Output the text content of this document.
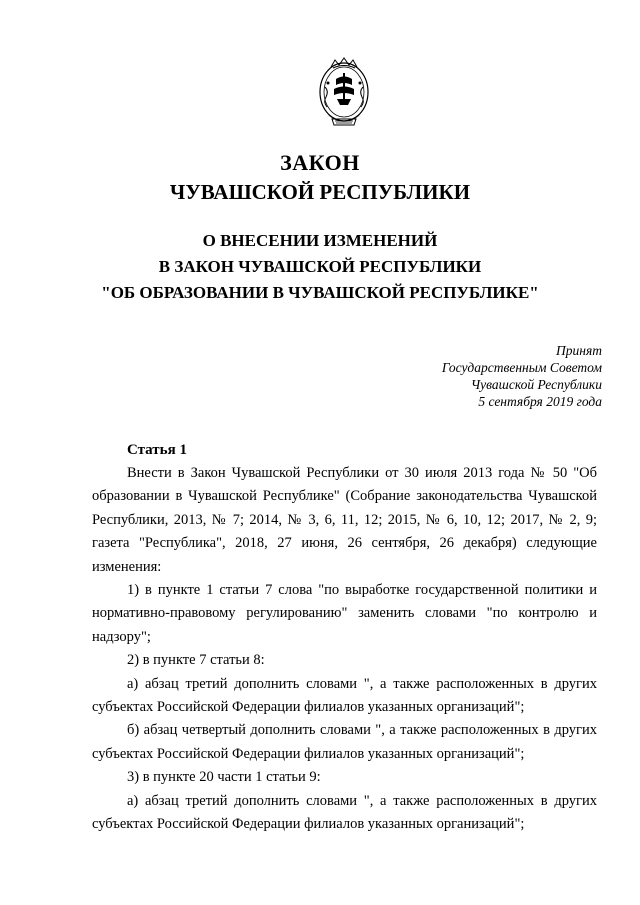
ЗАКОН
ЧУВАШСКОЙ РЕСПУБЛИКИ
О ВНЕСЕНИИ ИЗМЕНЕНИЙ
В ЗАКОН ЧУВАШСКОЙ РЕСПУБЛИКИ
"ОБ ОБРАЗОВАНИИ В ЧУВАШСКОЙ РЕСПУБЛИКЕ"
Принят
Государственным Советом
Чувашской Республики
5 сентября 2019 года
Статья 1

Внести в Закон Чувашской Республики от 30 июля 2013 года № 50 "Об образовании в Чувашской Республике" (Собрание законодательства Чувашской Республики, 2013, № 7; 2014, № 3, 6, 11, 12; 2015, № 6, 10, 12; 2017, № 2, 9; газета "Республика", 2018, 27 июня, 26 сентября, 26 декабря) следующие изменения:

1) в пункте 1 статьи 7 слова "по выработке государственной политики и нормативно-правовому регулированию" заменить словами "по контролю и надзору";

2) в пункте 7 статьи 8:

а) абзац третий дополнить словами ", а также расположенных в других субъектах Российской Федерации филиалов указанных организаций";

б) абзац четвертый дополнить словами ", а также расположенных в других субъектах Российской Федерации филиалов указанных организаций";

3) в пункте 20 части 1 статьи 9:

а) абзац третий дополнить словами ", а также расположенных в других субъектах Российской Федерации филиалов указанных организаций";
